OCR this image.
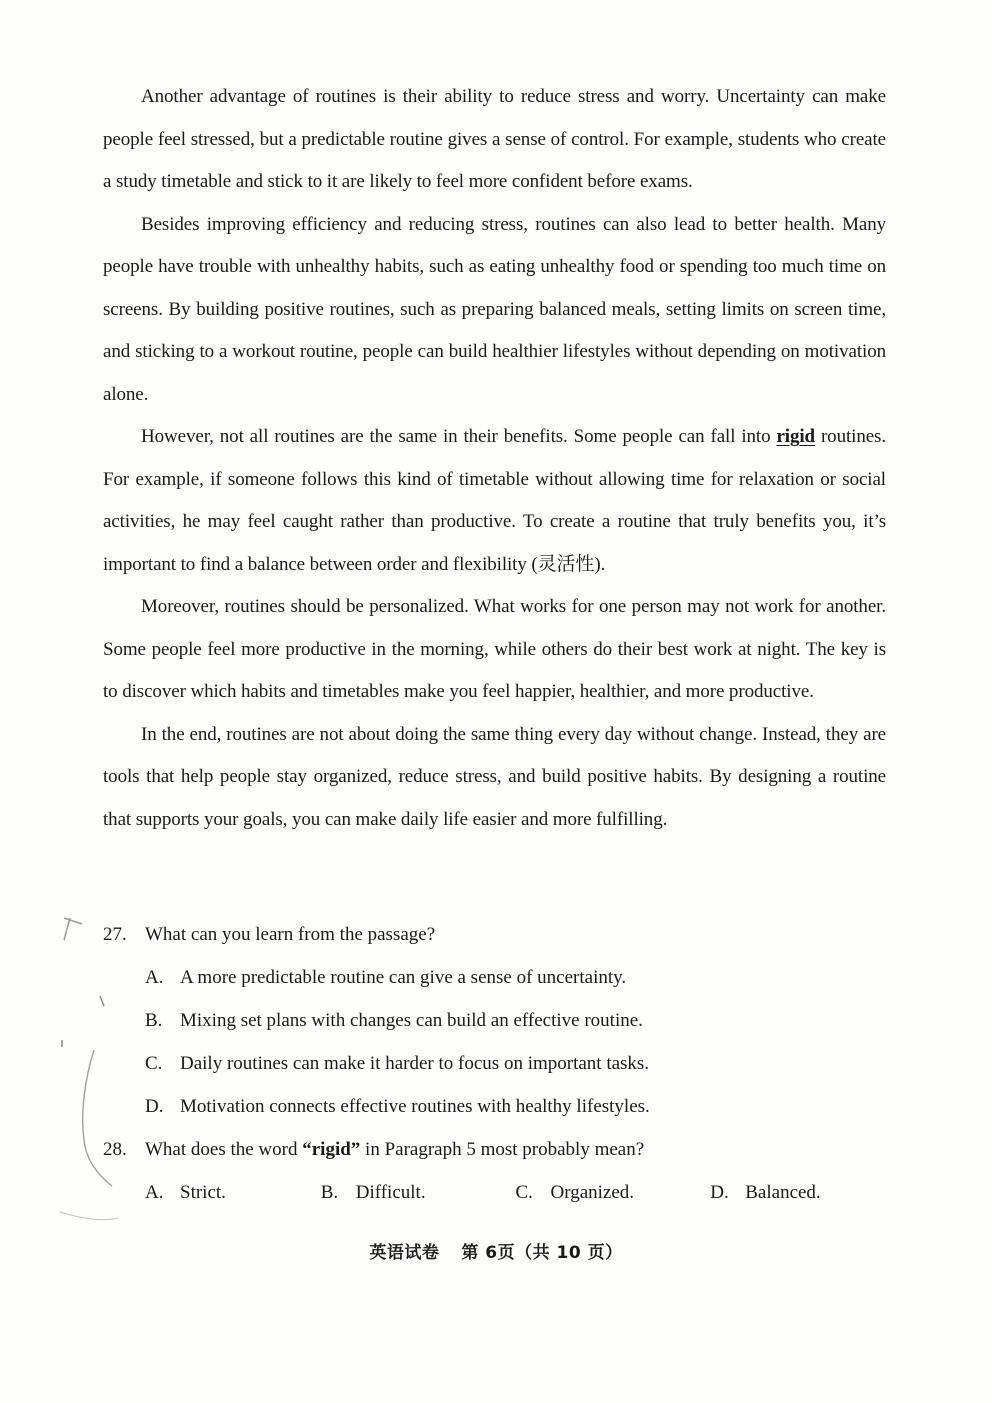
Another advantage of routines is their ability to reduce stress and worry. Uncertainty can make people feel stressed, but a predictable routine gives a sense of control. For example, students who create a study timetable and stick to it are likely to feel more confident before exams.

Besides improving efficiency and reducing stress, routines can also lead to better health. Many people have trouble with unhealthy habits, such as eating unhealthy food or spending too much time on screens. By building positive routines, such as preparing balanced meals, setting limits on screen time, and sticking to a workout routine, people can build healthier lifestyles without depending on motivation alone.

However, not all routines are the same in their benefits. Some people can fall into rigid routines. For example, if someone follows this kind of timetable without allowing time for relaxation or social activities, he may feel caught rather than productive. To create a routine that truly benefits you, it’s important to find a balance between order and flexibility (灵活性).

Moreover, routines should be personalized. What works for one person may not work for another. Some people feel more productive in the morning, while others do their best work at night. The key is to discover which habits and timetables make you feel happier, healthier, and more productive.

In the end, routines are not about doing the same thing every day without change. Instead, they are tools that help people stay organized, reduce stress, and build positive habits. By designing a routine that supports your goals, you can make daily life easier and more fulfilling.

27. What can you learn from the passage?

A. A more predictable routine can give a sense of uncertainty.

B. Mixing set plans with changes can build an effective routine.

C. Daily routines can make it harder to focus on important tasks.

D. Motivation connects effective routines with healthy lifestyles.

28. What does the word “rigid” in Paragraph 5 most probably mean?

A. Strict.	B. Difficult.	C. Organized.	D. Balanced.
英语试卷 第 6页（共 10 页）
